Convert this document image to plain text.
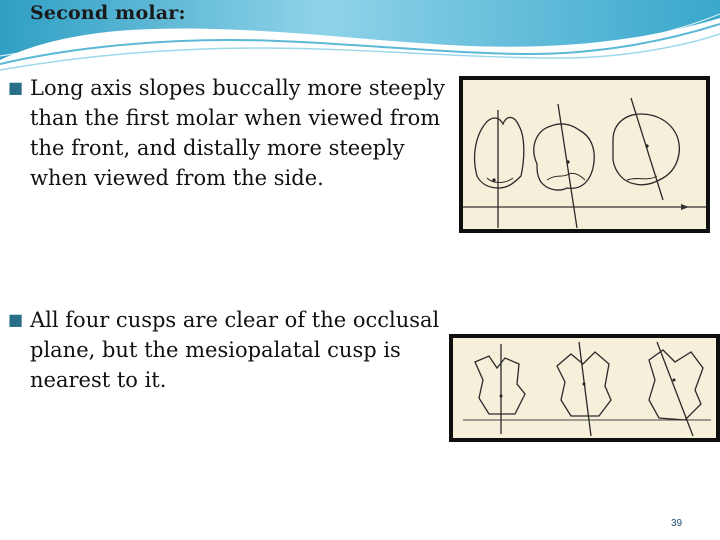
Second molar:
■ Long axis slopes buccally more steeply than the first molar when viewed from the front, and distally more steeply when viewed from the side.
■ All four cusps are clear of the occlusal plane, but the mesiopalatal cusp is nearest to it.
39
